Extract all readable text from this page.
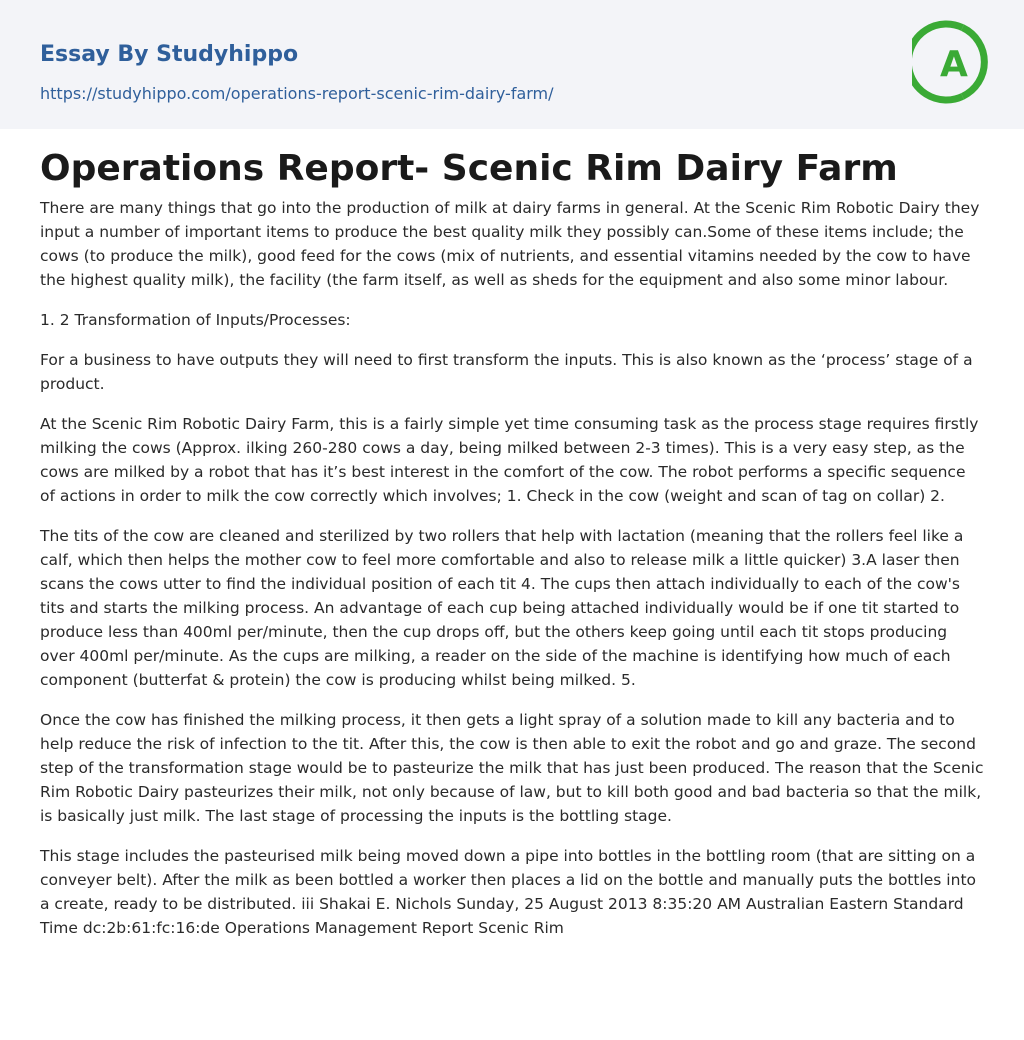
Essay By Studyhippo
https://studyhippo.com/operations-report-scenic-rim-dairy-farm/
A
Operations Report- Scenic Rim Dairy Farm

There are many things that go into the production of milk at dairy farms in general. At the Scenic Rim Robotic Dairy they input a number of important items to produce the best quality milk they possibly can.Some of these items include; the cows (to produce the milk), good feed for the cows (mix of nutrients, and essential vitamins needed by the cow to have the highest quality milk), the facility (the farm itself, as well as sheds for the equipment and also some minor labour.

1. 2 Transformation of Inputs/Processes:

For a business to have outputs they will need to first transform the inputs. This is also known as the ‘process’ stage of a product.

At the Scenic Rim Robotic Dairy Farm, this is a fairly simple yet time consuming task as the process stage requires firstly milking the cows (Approx. ilking 260-280 cows a day, being milked between 2-3 times). This is a very easy step, as the cows are milked by a robot that has it’s best interest in the comfort of the cow. The robot performs a specific sequence of actions in order to milk the cow correctly which involves; 1. Check in the cow (weight and scan of tag on collar) 2.

The tits of the cow are cleaned and sterilized by two rollers that help with lactation (meaning that the rollers feel like a calf, which then helps the mother cow to feel more comfortable and also to release milk a little quicker) 3.A laser then scans the cows utter to find the individual position of each tit 4. The cups then attach individually to each of the cow's tits and starts the milking process. An advantage of each cup being attached individually would be if one tit started to produce less than 400ml per/minute, then the cup drops off, but the others keep going until each tit stops producing over 400ml per/minute. As the cups are milking, a reader on the side of the machine is identifying how much of each component (butterfat & protein) the cow is producing whilst being milked. 5.

Once the cow has finished the milking process, it then gets a light spray of a solution made to kill any bacteria and to help reduce the risk of infection to the tit. After this, the cow is then able to exit the robot and go and graze. The second step of the transformation stage would be to pasteurize the milk that has just been produced. The reason that the Scenic Rim Robotic Dairy pasteurizes their milk, not only because of law, but to kill both good and bad bacteria so that the milk, is basically just milk. The last stage of processing the inputs is the bottling stage.

This stage includes the pasteurised milk being moved down a pipe into bottles in the bottling room (that are sitting on a conveyer belt). After the milk as been bottled a worker then places a lid on the bottle and manually puts the bottles into a create, ready to be distributed. iii Shakai E. Nichols Sunday, 25 August 2013 8:35:20 AM Australian Eastern Standard Time dc:2b:61:fc:16:de Operations Management Report Scenic Rim
